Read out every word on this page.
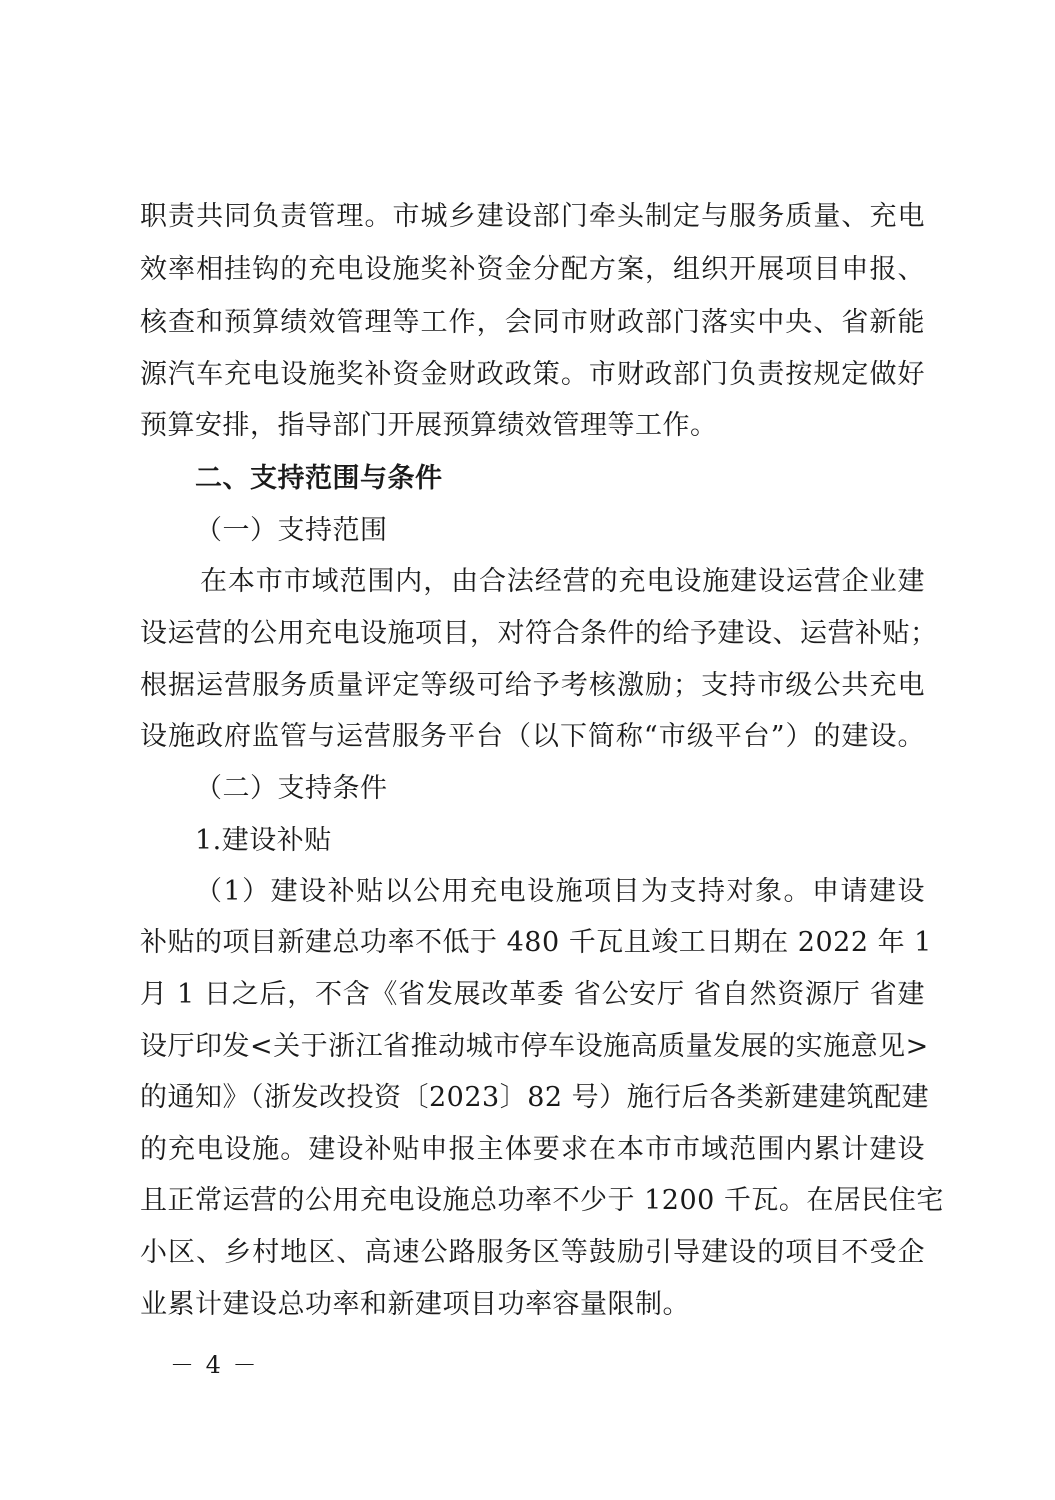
职责共同负责管理。市城乡建设部门牵头制定与服务质量、充电
效率相挂钩的充电设施奖补资金分配方案，组织开展项目申报、
核查和预算绩效管理等工作，会同市财政部门落实中央、省新能
源汽车充电设施奖补资金财政政策。市财政部门负责按规定做好
预算安排，指导部门开展预算绩效管理等工作。
二、支持范围与条件
（一）支持范围
在本市市域范围内，由合法经营的充电设施建设运营企业建
设运营的公用充电设施项目，对符合条件的给予建设、运营补贴；
根据运营服务质量评定等级可给予考核激励；支持市级公共充电
设施政府监管与运营服务平台（以下简称“市级平台”）的建设。
（二）支持条件
1.建设补贴
（1）建设补贴以公用充电设施项目为支持对象。申请建设
补贴的项目新建总功率不低于 480 千瓦且竣工日期在 2022 年 1
月 1 日之后，不含《省发展改革委 省公安厅 省自然资源厅 省建
设厅印发<关于浙江省推动城市停车设施高质量发展的实施意见>
的通知》（浙发改投资〔2023〕82 号）施行后各类新建建筑配建
的充电设施。建设补贴申报主体要求在本市市域范围内累计建设
且正常运营的公用充电设施总功率不少于 1200 千瓦。在居民住宅
小区、乡村地区、高速公路服务区等鼓励引导建设的项目不受企
业累计建设总功率和新建项目功率容量限制。
－ 4 －
